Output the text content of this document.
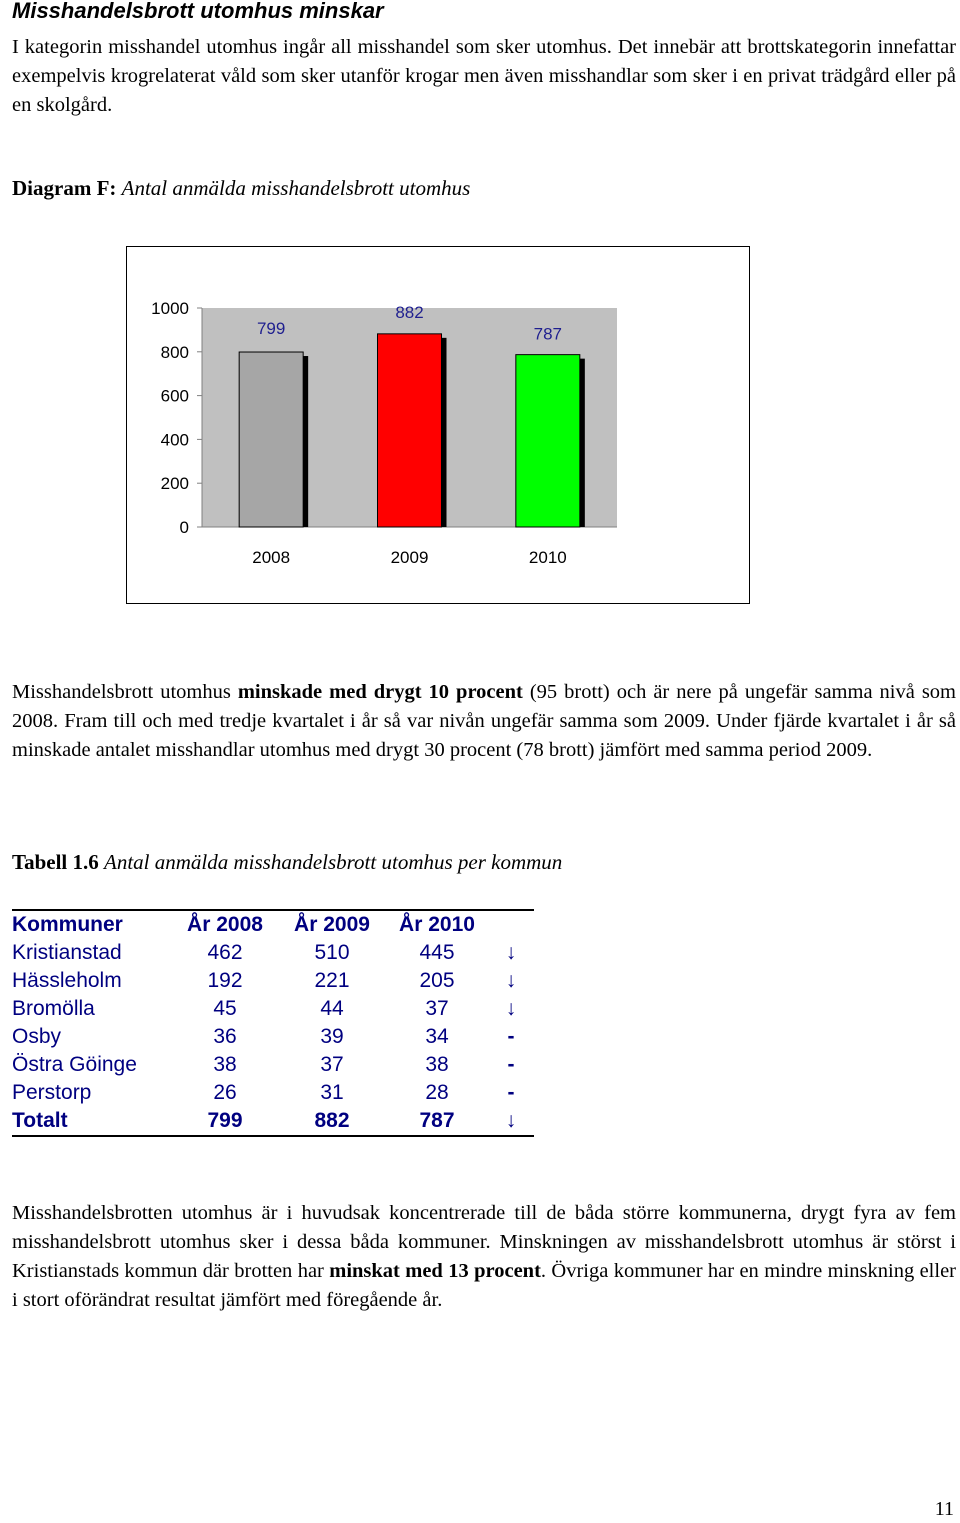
Misshandelsbrott utomhus minskar
I kategorin misshandel utomhus ingår all misshandel som sker utomhus. Det innebär att brottskategorin innefattar exempelvis krogrelaterat våld som sker utanför krogar men även misshandlar som sker i en privat trädgård eller på en skolgård.
Diagram F: Antal anmälda misshandelsbrott utomhus
0
200
400
600
800
1000
2008	2009	2010
799
882
787
Misshandelsbrott utomhus minskade med drygt 10 procent (95 brott) och är nere på ungefär samma nivå som 2008. Fram till och med tredje kvartalet i år så var nivån ungefär samma som 2009. Under fjärde kvartalet i år så minskade antalet misshandlar utomhus med drygt 30 procent (78 brott) jämfört med samma period 2009.
Tabell 1.6 Antal anmälda misshandelsbrott utomhus per kommun
Kommuner	År 2008	År 2009	År 2010
Kristianstad	462	510	445	↓
Hässleholm	192	221	205	↓
Bromölla	45	44	37	↓
Osby	36	39	34	-
Östra Göinge	38	37	38	-
Perstorp	26	31	28	-
Totalt	799	882	787	↓
Misshandelsbrotten utomhus är i huvudsak koncentrerade till de båda större kommunerna, drygt fyra av fem misshandelsbrott utomhus sker i dessa båda kommuner. Minskningen av misshandelsbrott utomhus är störst i Kristianstads kommun där brotten har minskat med 13 procent. Övriga kommuner har en mindre minskning eller i stort oförändrat resultat jämfört med föregående år.
11
